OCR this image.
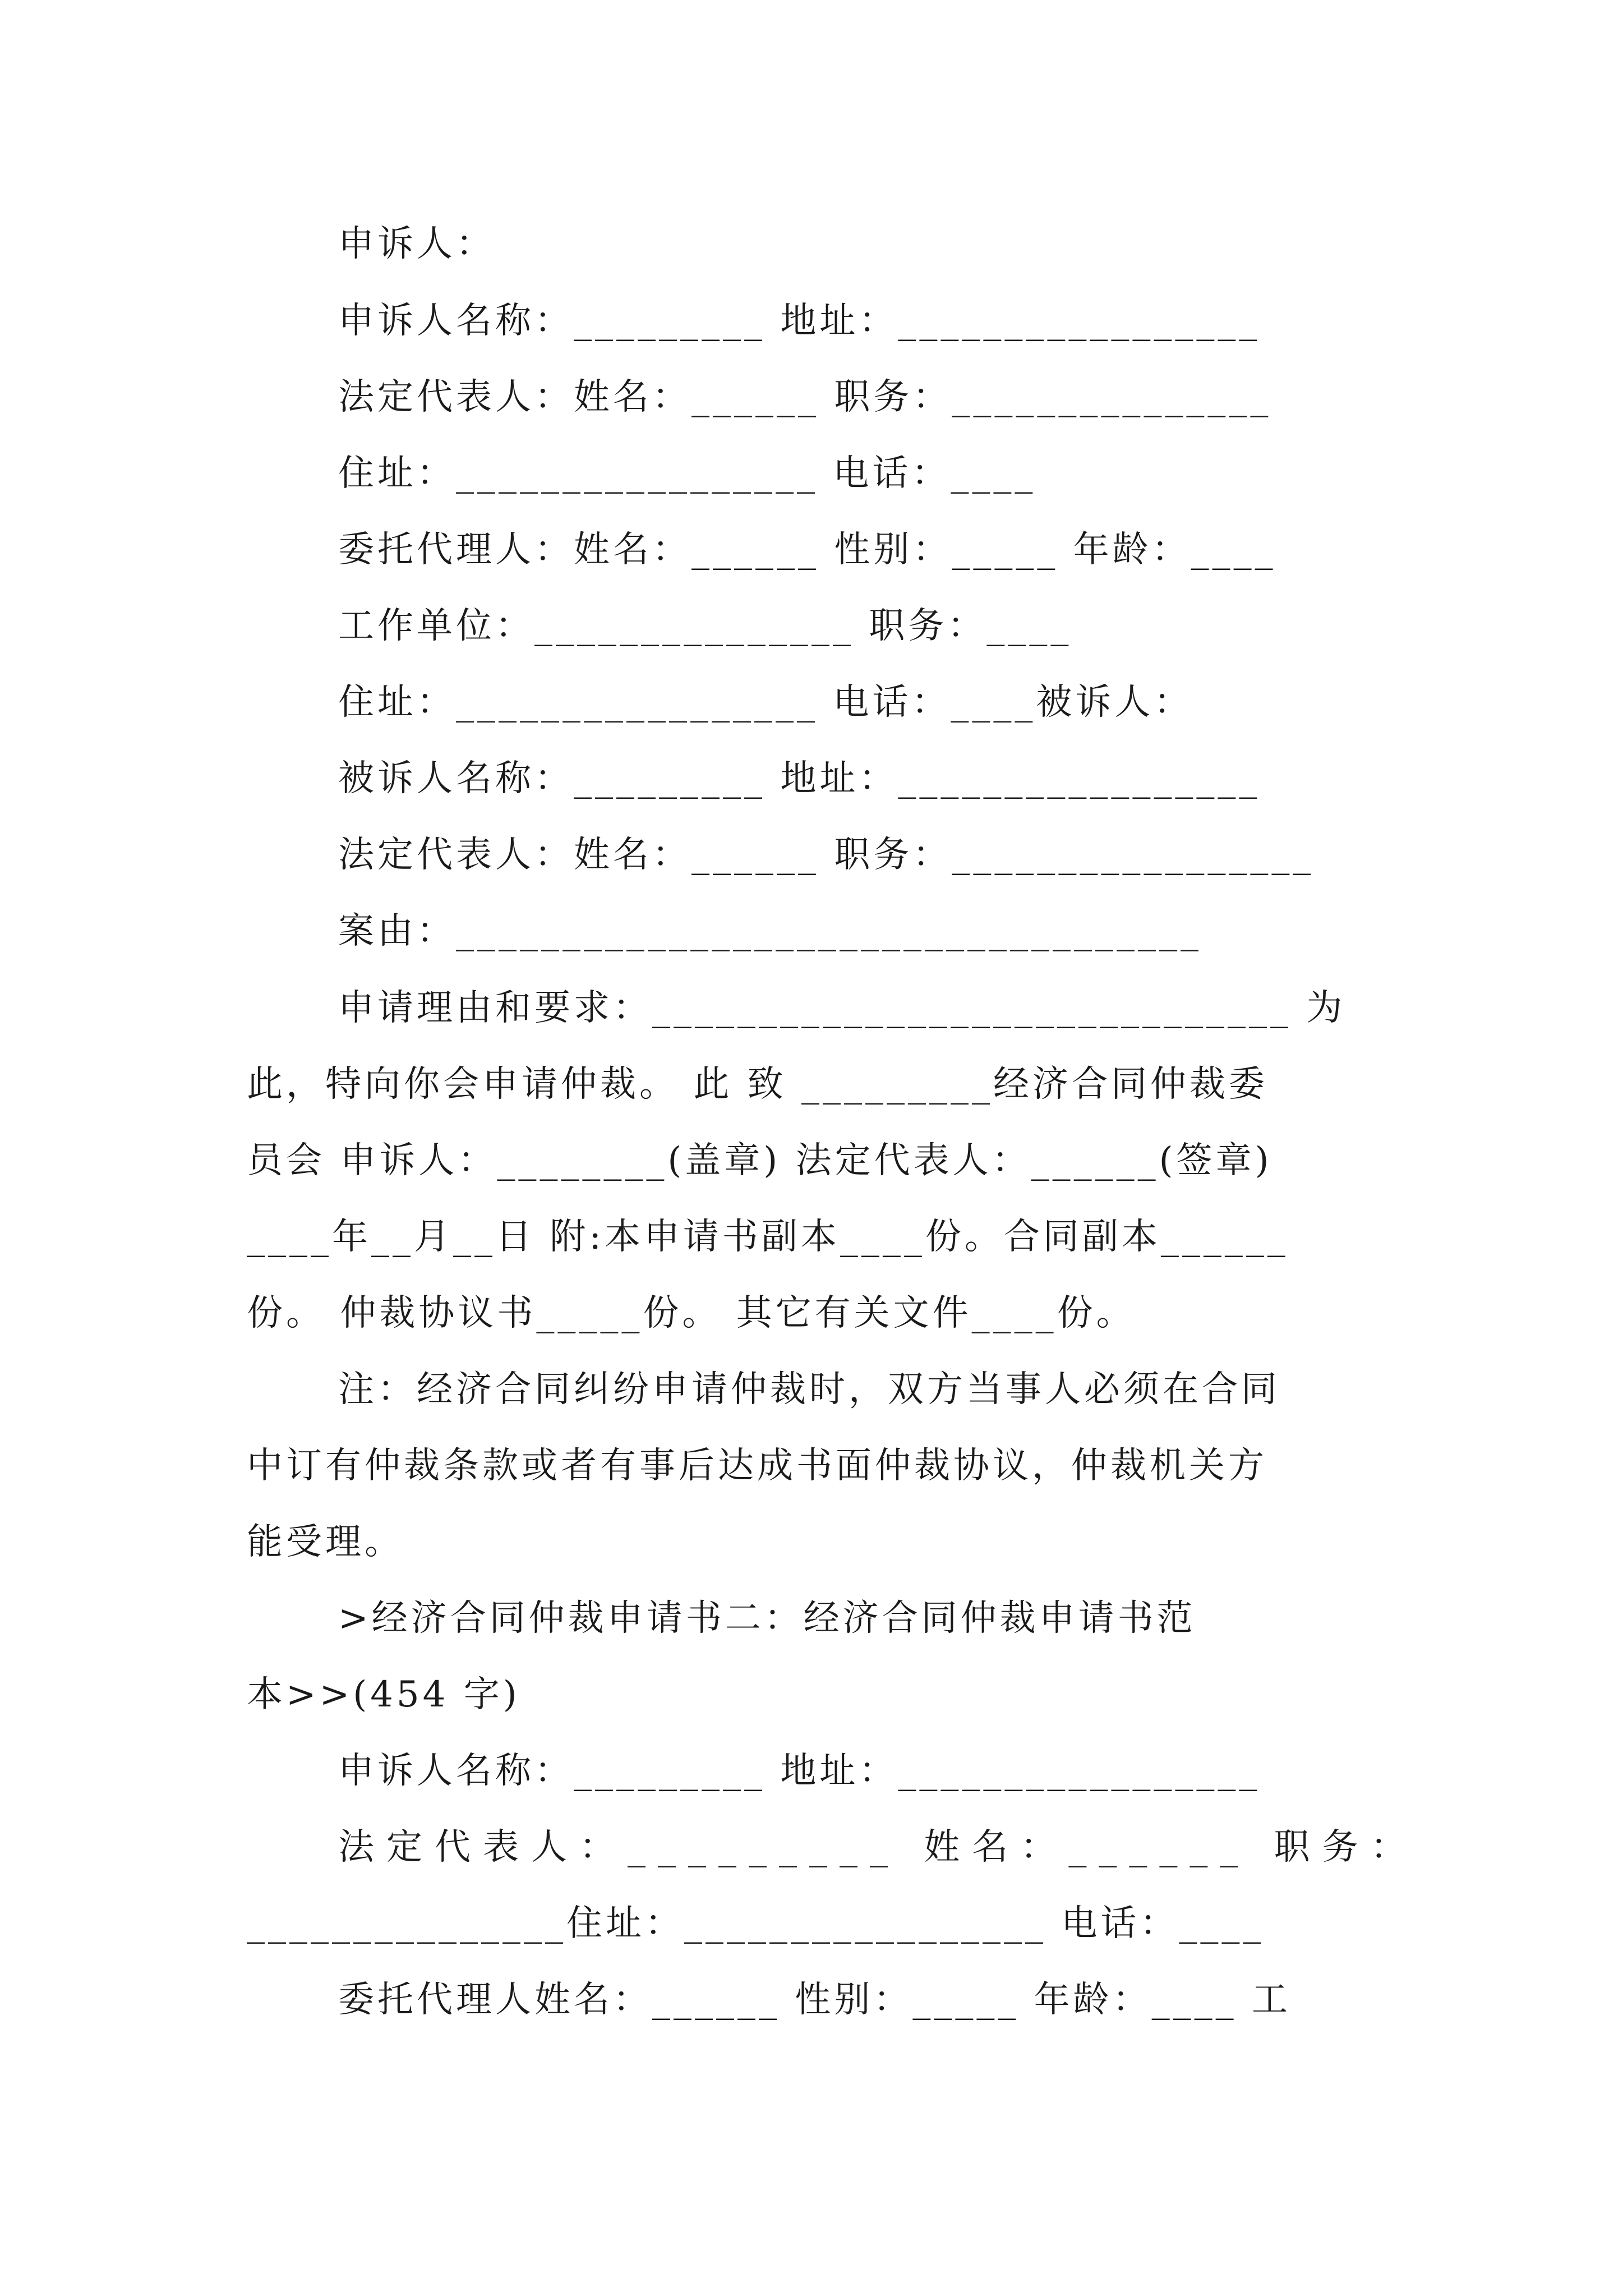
申诉人：
申诉人名称：_________ 地址：_________________
法定代表人：姓名：______ 职务：_______________
住址：_________________ 电话：____
委托代理人：姓名：______ 性别：_____ 年龄：____
工作单位：_______________ 职务：____
住址：_________________ 电话：____被诉人：
被诉人名称：_________ 地址：_________________
法定代表人：姓名：______ 职务：_________________
案由：___________________________________
申请理由和要求：______________________________ 为
此，特向你会申请仲裁。 此 致 _________经济合同仲裁委
员会 申诉人：________(盖章) 法定代表人：______(签章)
____年__月__日 附:本申请书副本____份。合同副本______
份。 仲裁协议书_____份。 其它有关文件____份。
注：经济合同纠纷申请仲裁时，双方当事人必须在合同
中订有仲裁条款或者有事后达成书面仲裁协议，仲裁机关方
能受理。
>经济合同仲裁申请书二：经济合同仲裁申请书范
本>>(454 字)
申诉人名称：_________ 地址：_________________
法定代表人：_________ 姓名：______ 职务：
_______________住址：_________________ 电话：____
委托代理人姓名：______ 性别：_____ 年龄：____ 工
